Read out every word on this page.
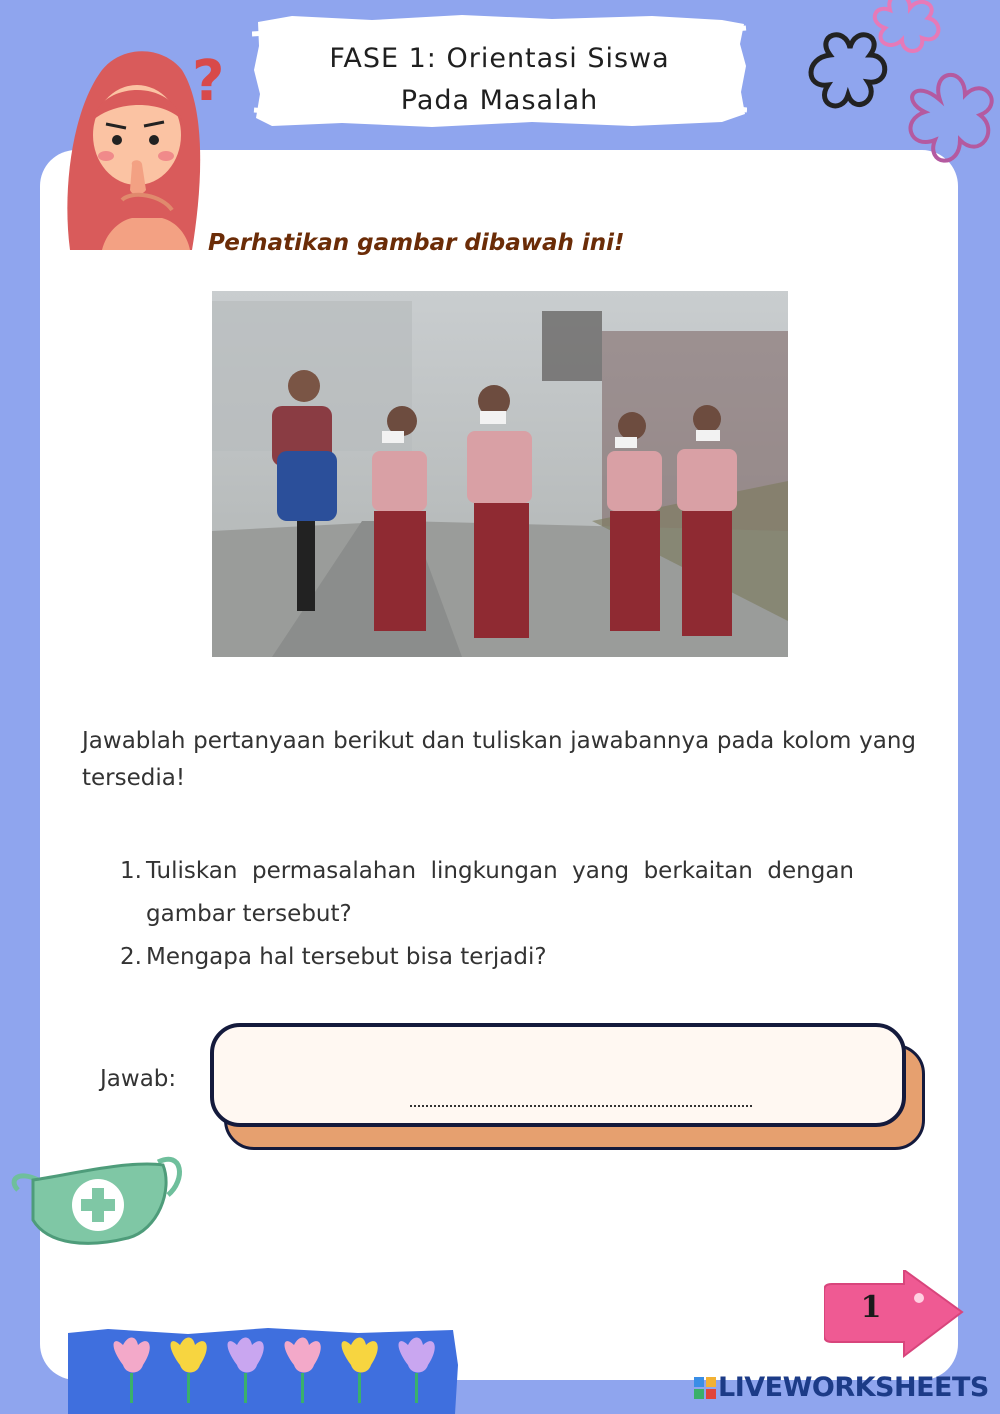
FASE 1: Orientasi Siswa
Pada Masalah
?
Perhatikan gambar dibawah ini!
Jawablah pertanyaan berikut dan tuliskan jawabannya pada kolom yang tersedia!
1. Tuliskan permasalahan lingkungan yang berkaitan dengan gambar tersebut?
2. Mengapa hal tersebut bisa terjadi?
Jawab:
1
LIVEWORKSHEETS
